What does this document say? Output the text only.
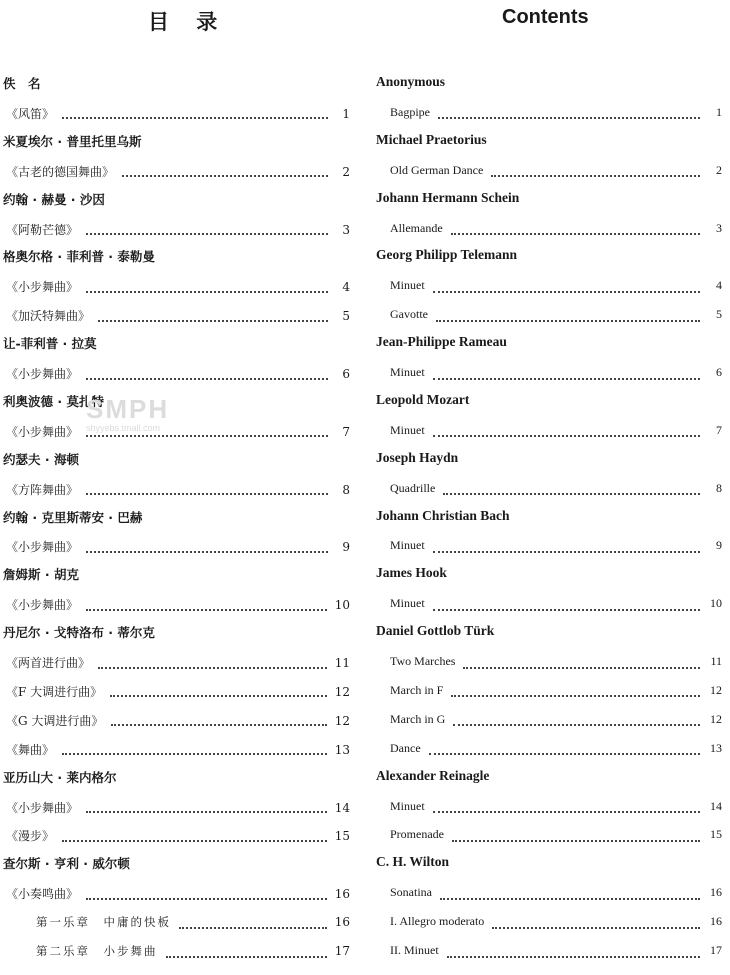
目 录
佚　名
《风笛》	1
米夏埃尔 · 普里托里乌斯
《古老的德国舞曲》	2
约翰 · 赫曼 · 沙因
《阿勒芒德》	3
格奥尔格 · 菲利普 · 泰勒曼
《小步舞曲》	4
《加沃特舞曲》	5
让-菲利普 · 拉莫
《小步舞曲》	6
利奥波德 · 莫扎特
《小步舞曲》	7
约瑟夫 · 海顿
《方阵舞曲》	8
约翰 · 克里斯蒂安 · 巴赫
《小步舞曲》	9
詹姆斯 · 胡克
《小步舞曲》	10
丹尼尔 · 戈特洛布 · 蒂尔克
《两首进行曲》	11
《F 大调进行曲》	12
《G 大调进行曲》	12
《舞曲》	13
亚历山大 · 莱内格尔
《小步舞曲》	14
《漫步》	15
查尔斯 · 亨利 · 威尔顿
《小奏鸣曲》	16
第一乐章　中庸的快板	16
第二乐章　小步舞曲	17
Contents
Anonymous
Bagpipe	1
Michael Praetorius
Old German Dance	2
Johann Hermann Schein
Allemande	3
Georg Philipp Telemann
Minuet	4
Gavotte	5
Jean-Philippe Rameau
Minuet	6
Leopold Mozart
Minuet	7
Joseph Haydn
Quadrille	8
Johann Christian Bach
Minuet	9
James Hook
Minuet	10
Daniel Gottlob Türk
Two Marches	11
March in F	12
March in G	12
Dance	13
Alexander Reinagle
Minuet	14
Promenade	15
C. H. Wilton
Sonatina	16
I. Allegro moderato	16
II. Minuet	17
SMPH
shyyebs.tmall.com
